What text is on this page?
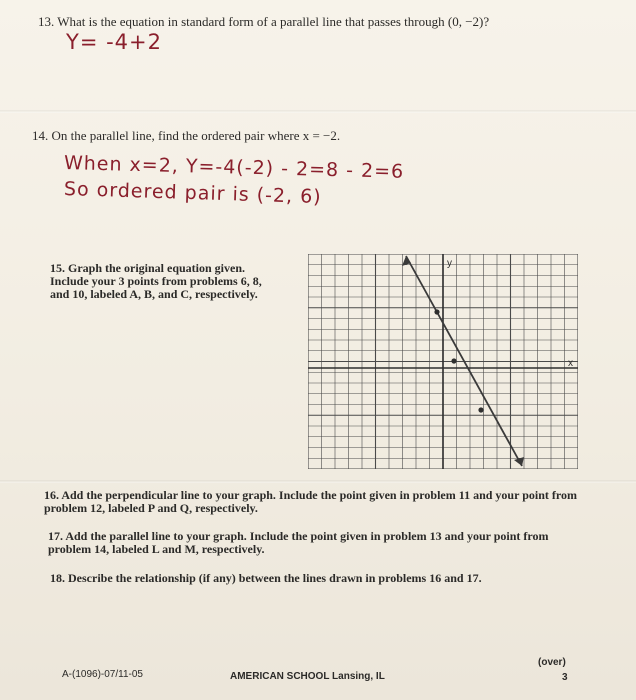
13. What is the equation in standard form of a parallel line that passes through (0, −2)?
Y= -4+2
14. On the parallel line, find the ordered pair where x = −2.
When x=2, Y=-4(-2) - 2=8 - 2=6
So ordered pair is (-2, 6)
15. Graph the original equation given. Include your 3 points from problems 6, 8, and 10, labeled A, B, and C, respectively.
y
x
16. Add the perpendicular line to your graph. Include the point given in problem 11 and your point from problem 12, labeled P and Q, respectively.
17. Add the parallel line to your graph. Include the point given in problem 13 and your point from problem 14, labeled L and M, respectively.
18. Describe the relationship (if any) between the lines drawn in problems 16 and 17.
A-(1096)-07/11-05	AMERICAN SCHOOL Lansing, IL
(over)
3
